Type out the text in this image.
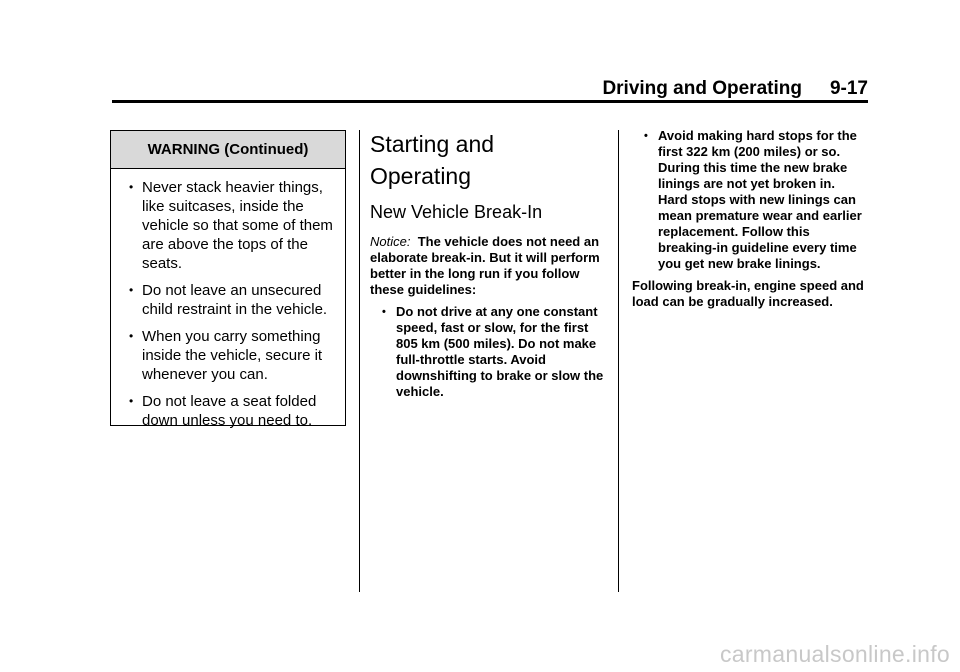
Driving and Operating 9-17
WARNING (Continued)
• Never stack heavier things, like suitcases, inside the vehicle so that some of them are above the tops of the seats.
• Do not leave an unsecured child restraint in the vehicle.
• When you carry something inside the vehicle, secure it whenever you can.
• Do not leave a seat folded down unless you need to.
Starting and
Operating
New Vehicle Break-In

Notice: The vehicle does not need an elaborate break-in. But it will perform better in the long run if you follow these guidelines:

• Do not drive at any one constant speed, fast or slow, for the first 805 km (500 miles). Do not make full-throttle starts. Avoid downshifting to brake or slow the vehicle.
• Avoid making hard stops for the first 322 km (200 miles) or so. During this time the new brake linings are not yet broken in. Hard stops with new linings can mean premature wear and earlier replacement. Follow this breaking-in guideline every time you get new brake linings.

Following break-in, engine speed and load can be gradually increased.

carmanualsonline.info
